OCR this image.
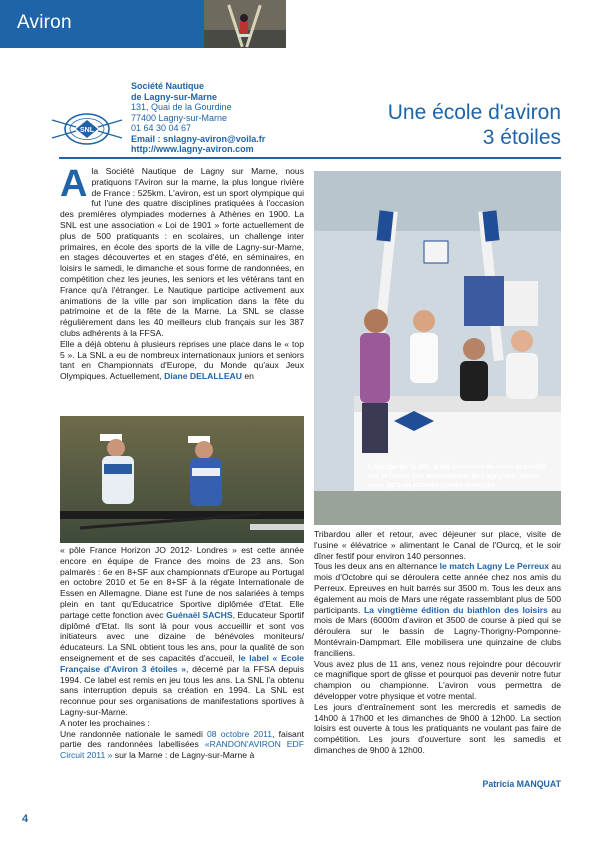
Aviron
SNL
Société Nautique
de Lagny-sur-Marne
131, Quai de la Gourdine
77400 Lagny-sur-Marne
01 64 30 04 67
Email : snlagny-aviron@voila.fr
http://www.lagny-aviron.com
Une école d'aviron
3 étoiles
A la Société Nautique de Lagny sur Marne, nous pratiquons l'Aviron sur la marne, la plus longue rivière de France : 525km. L'aviron, est un sport olympique qui fut l'une des quatre disciplines pratiquées à l'occasion des premières olympiades modernes à Athènes en 1900. La SNL est une association « Loi de 1901 » forte actuellement de plus de 500 pratiquants : en scolaires, un challenge inter primaires, en école des sports de la ville de Lagny-sur-Marne, en stages découvertes et en stages d'été, en séminaires, en loisirs le samedi, le dimanche et sous forme de randonnées, en compétition chez les jeunes, les seniors et les vétérans tant en France qu'à l'étranger. Le Nautique participe activement aux animations de la ville par son implication dans la fête du patrimoine et de la fête de la Marne. La SNL se classe régulièrement dans les 40 meilleurs club français sur les 387 clubs adhérents à la FFSA.

Elle a déjà obtenu à plusieurs reprises une place dans le « top 5 ». La SNL a eu de nombreux internationaux juniors et seniors tant en Championnats d'Europe, du Monde qu'aux Jeux Olympiques. Actuellement, Diane DELALLEAU en

« pôle France Horizon JO 2012- Londres » est cette année encore en équipe de France des moins de 23 ans. Son palmarès : 6e en 8+SF aux championnats d'Europe au Portugal en octobre 2010 et 5e en 8+SF à la régate Internationale de Essen en Allemagne. Diane est l'une de nos salariées à temps plein en tant qu'Educatrice Sportive diplômée d'Etat. Elle partage cette fonction avec Guénaël SACHS, Educateur Sportif diplômé d'Etat. Ils sont là pour vous accueillir et sont vos initiateurs avec une dizaine de bénévoles moniteurs/éducateurs. La SNL obtient tous les ans, pour la qualité de son enseignement et de ses capacités d'accueil, le label « Ecole Française d'Aviron 3 étoiles », décerné par la FFSA depuis 1994. Ce label est remis en jeu tous les ans. La SNL l'a obtenu sans interruption depuis sa création en 1994. La SNL est reconnue pour ses organisations de manifestations sportives à Lagny-sur-Marne.

A noter les prochaines :

Une randonnée nationale le samedi 08 octobre 2011, faisant partie des randonnées labellisées «RANDON'AVIRON EDF Circuit 2011 » sur la Marne : de Lagny-sur-Marne à

L'équipe de la SNL a été heureuse de vous accueillir sur le forum des associations de Lagny-sur-Marne ainsi qu'a sa journée portes ouvertes

Tribardou aller et retour, avec déjeuner sur place, visite de l'usine « élévatrice » alimentant le Canal de l'Ourcq, et le soir dîner festif pour environ 140 personnes.

Tous les deux ans en alternance le match Lagny Le Perreux au mois d'Octobre qui se déroulera cette année chez nos amis du Perreux. Epreuves en huit barrés sur 3500 m. Tous les deux ans également au mois de Mars une régate rassemblant plus de 500 participants. La vingtième édition du biathlon des loisirs au mois de Mars (6000m d'aviron et 3500 de course à pied qui se déroulera sur le bassin de Lagny-Thorigny-Pomponne-Montévrain-Dampmart. Elle mobilisera une quinzaine de clubs franciliens.

Vous avez plus de 11 ans, venez nous rejoindre pour découvrir ce magnifique sport de glisse et pourquoi pas devenir notre futur champion ou championne. L'aviron vous permettra de développer votre physique et votre mental.

Les jours d'entraînement sont les mercredis et samedis de 14h00 à 17h00 et les dimanches de 9h00 à 12h00. La section loisirs est ouverte à tous les pratiquants ne voulant pas faire de compétition. Les jours d'ouverture sont les samedis et dimanches de 9h00 à 12h00.

Patricia MANQUAT
4
